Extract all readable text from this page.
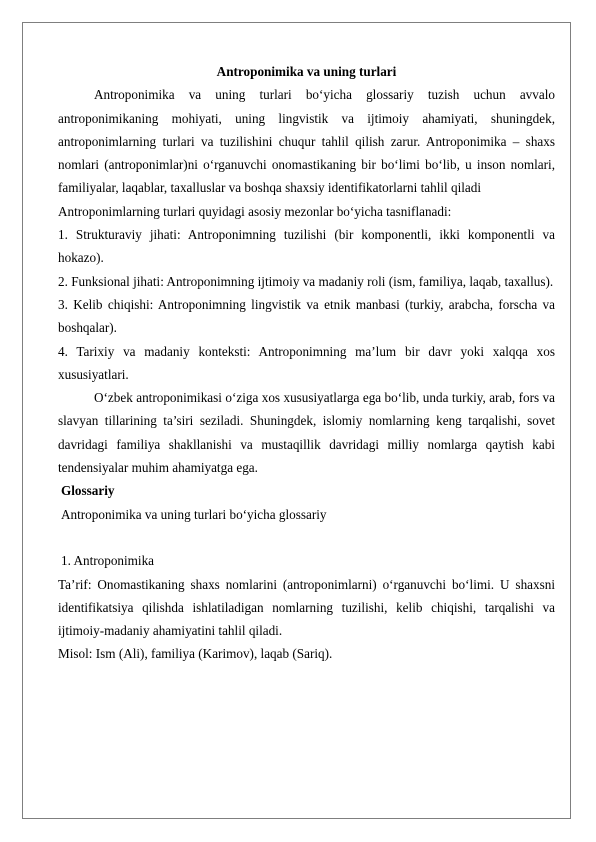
Antroponimika va uning turlari

Antroponimika va uning turlari bo‘yicha glossariy tuzish uchun avvalo antroponimikaning mohiyati, uning lingvistik va ijtimoiy ahamiyati, shuningdek, antroponimlarning turlari va tuzilishini chuqur tahlil qilish zarur. Antroponimika – shaxs nomlari (antroponimlar)ni o‘rganuvchi onomastikaning bir bo‘limi bo‘lib, u inson nomlari, familiyalar, laqablar, taxalluslar va boshqa shaxsiy identifikatorlarni tahlil qiladi

Antroponimlarning turlari quyidagi asosiy mezonlar bo‘yicha tasniflanadi:

1. Strukturaviy jihati: Antroponimning tuzilishi (bir komponentli, ikki komponentli va hokazo).

2. Funksional jihati: Antroponimning ijtimoiy va madaniy roli (ism, familiya, laqab, taxallus).

3. Kelib chiqishi: Antroponimning lingvistik va etnik manbasi (turkiy, arabcha, forscha va boshqalar).

4. Tarixiy va madaniy konteksti: Antroponimning ma’lum bir davr yoki xalqqa xos xususiyatlari.

O‘zbek antroponimikasi o‘ziga xos xususiyatlarga ega bo‘lib, unda turkiy, arab, fors va slavyan tillarining ta’siri seziladi. Shuningdek, islomiy nomlarning keng tarqalishi, sovet davridagi familiya shakllanishi va mustaqillik davridagi milliy nomlarga qaytish kabi tendensiyalar muhim ahamiyatga ega.

Glossariy

Antroponimika va uning turlari bo‘yicha glossariy

1. Antroponimika

Ta’rif: Onomastikaning shaxs nomlarini (antroponimlarni) o‘rganuvchi bo‘limi. U shaxsni identifikatsiya qilishda ishlatiladigan nomlarning tuzilishi, kelib chiqishi, tarqalishi va ijtimoiy-madaniy ahamiyatini tahlil qiladi.

Misol: Ism (Ali), familiya (Karimov), laqab (Sariq).
